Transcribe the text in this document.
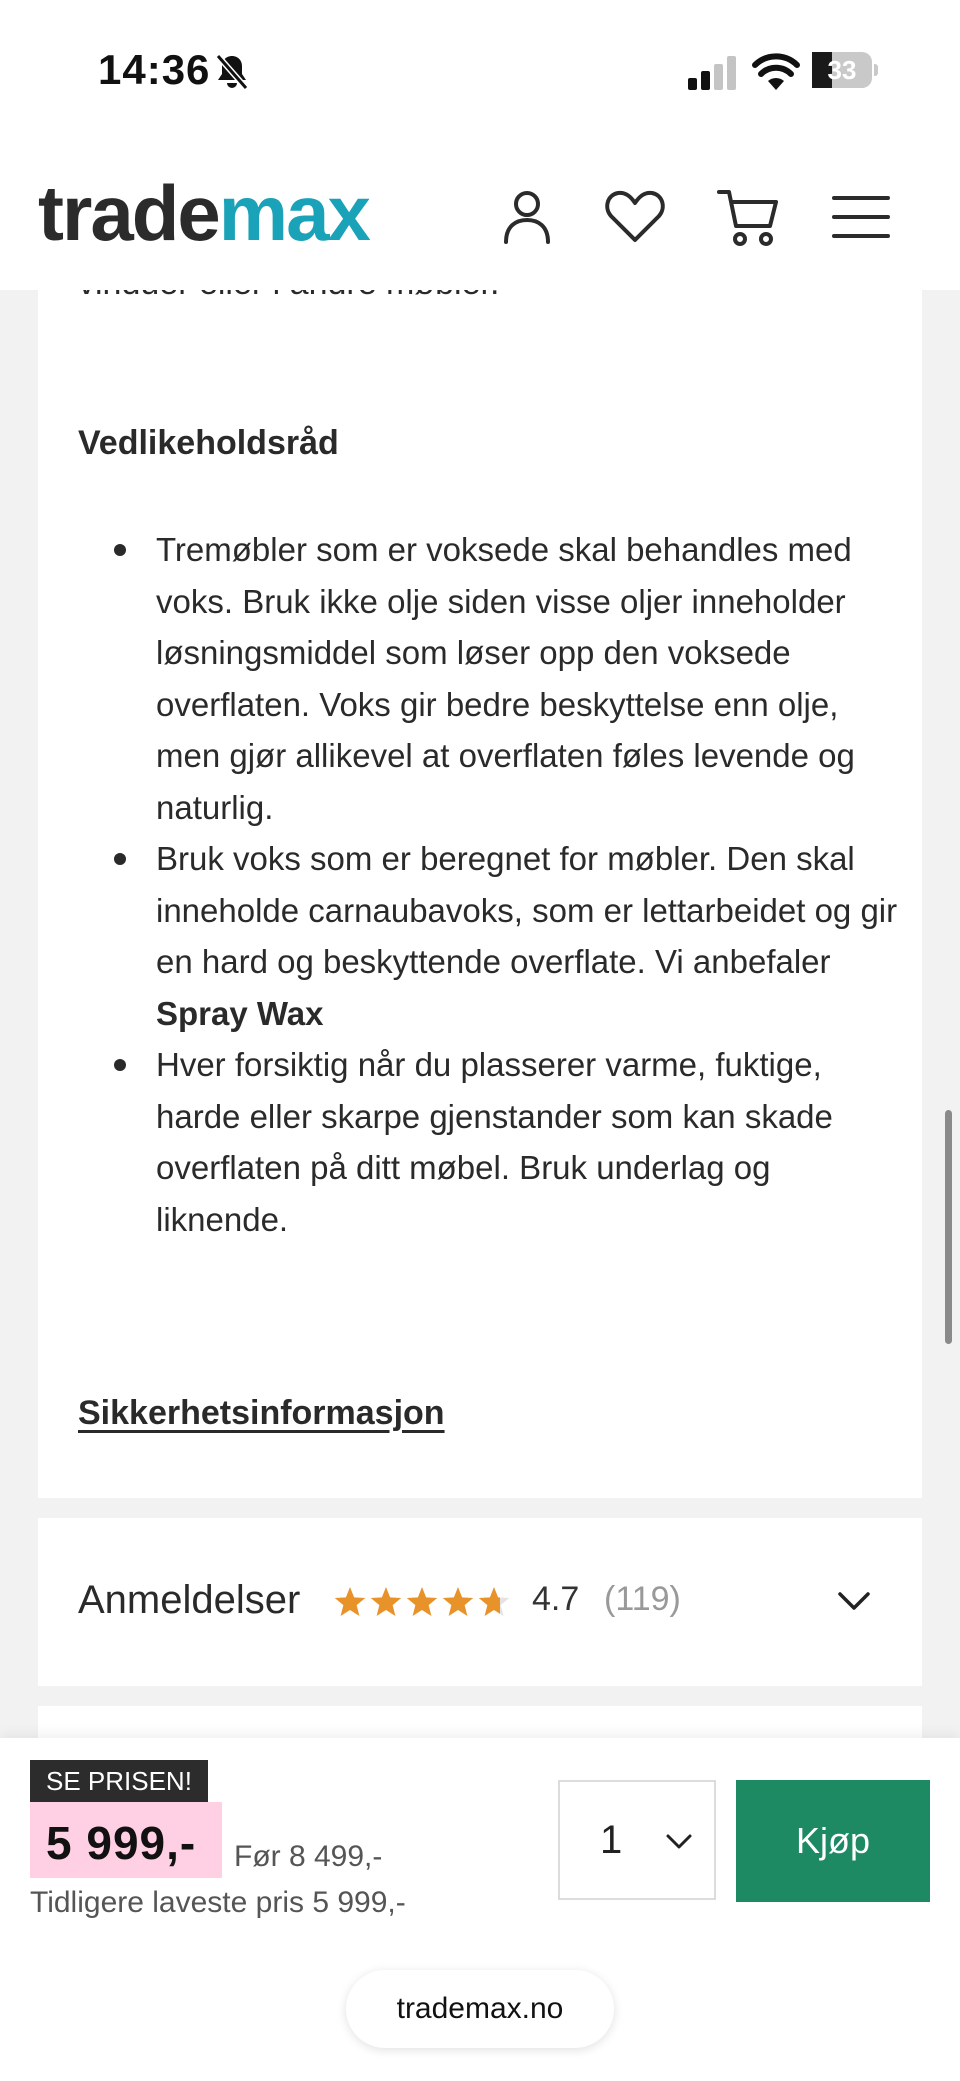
14:36	33
trademax
Vedlikeholdsråd
Tremøbler som er voksede skal behandles med voks. Bruk ikke olje siden visse oljer inneholder løsningsmiddel som løser opp den voksede overflaten. Voks gir bedre beskyttelse enn olje, men gjør allikevel at overflaten føles levende og naturlig.
Bruk voks som er beregnet for møbler. Den skal inneholde carnaubavoks, som er lettarbeidet og gir en hard og beskyttende overflate. Vi anbefaler
Spray Wax
Hver forsiktig når du plasserer varme, fuktige, harde eller skarpe gjenstander som kan skade overflaten på ditt møbel. Bruk underlag og liknende.
Sikkerhetsinformasjon
Anmeldelser	4.7 (119)
SE PRISEN!
5 999,- Før 8 499,-
Tidligere laveste pris 5 999,-
1	Kjøp
trademax.no
